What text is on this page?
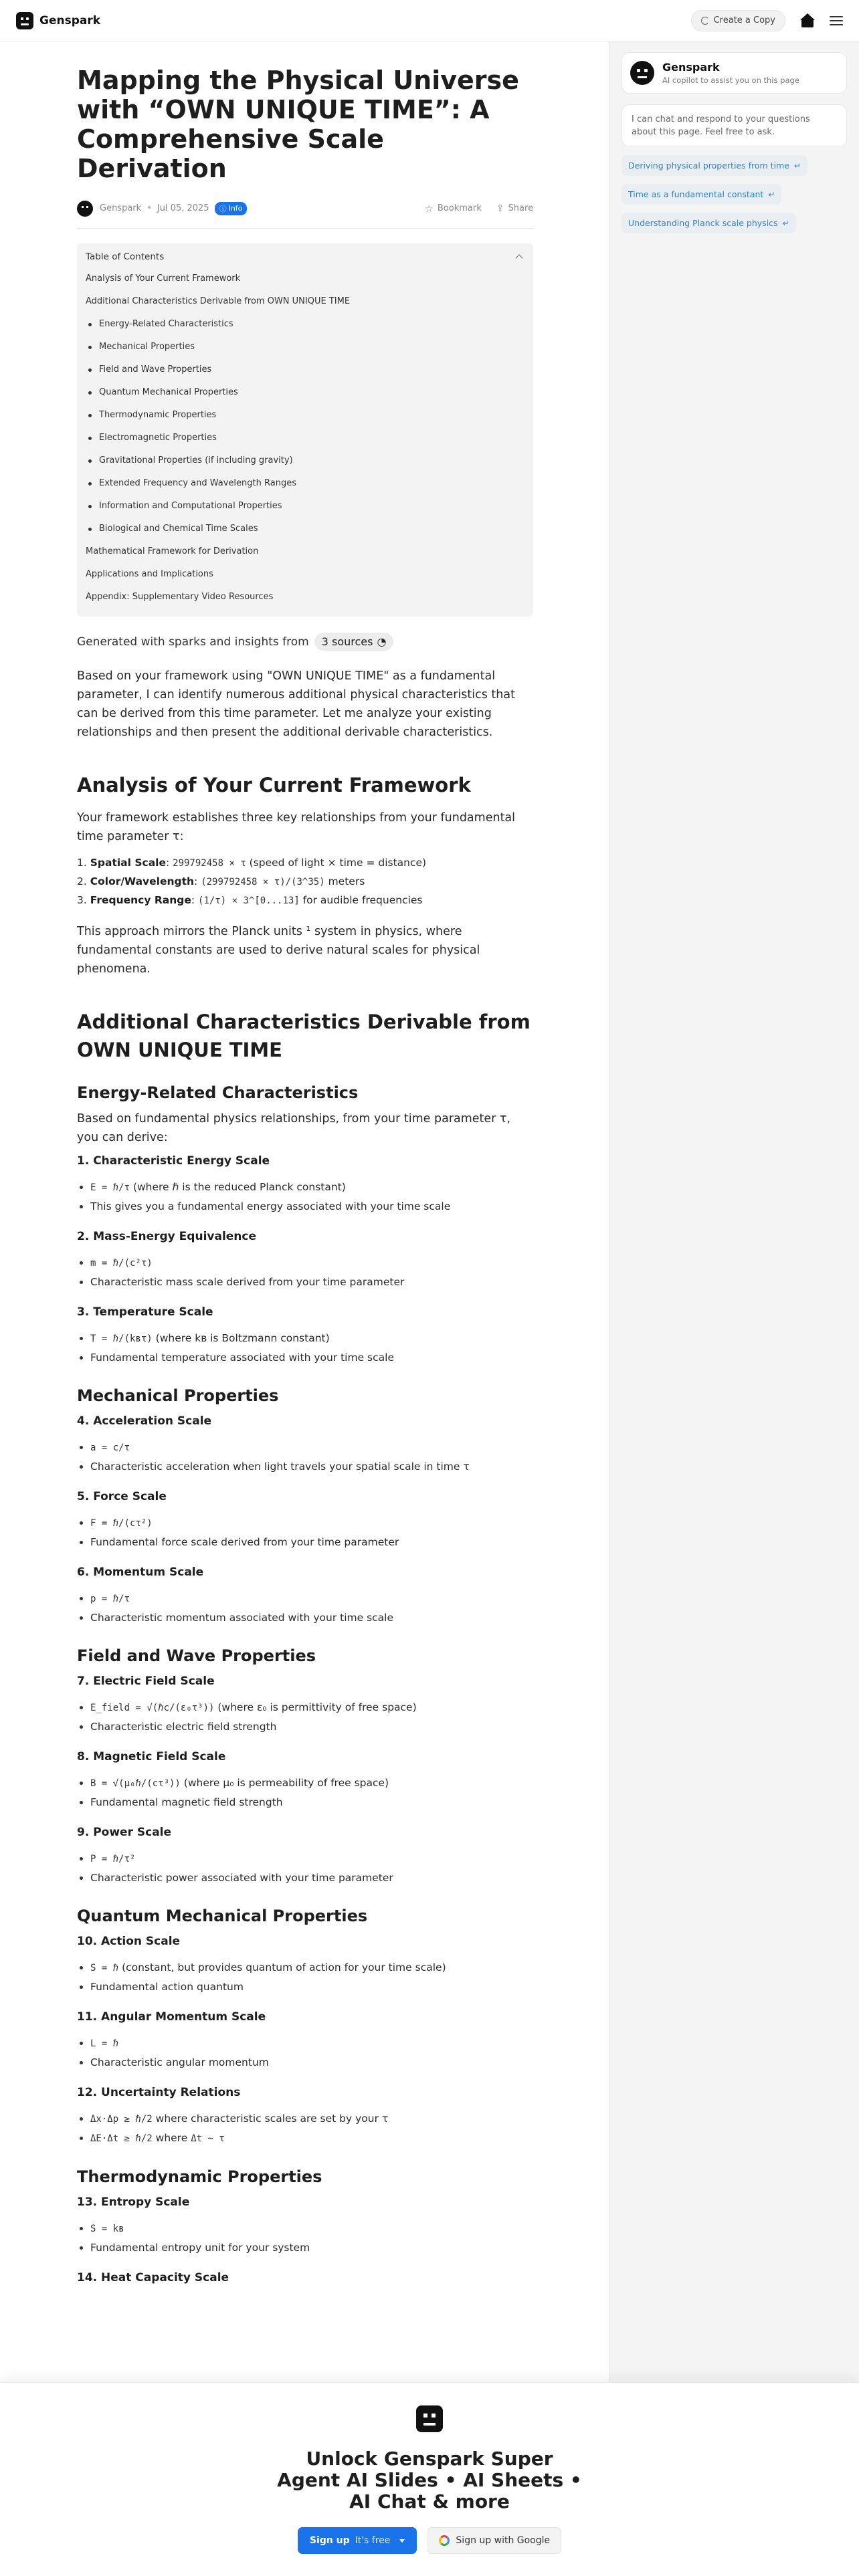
Genspark	Create a Copy
Mapping the Physical Universe with “OWN UNIQUE TIME”: A Comprehensive Scale Derivation
Genspark • Jul 05, 2025 ⓘ Info	☆ Bookmark ⇪ Share
Table of Contents
Analysis of Your Current Framework
Additional Characteristics Derivable from OWN UNIQUE TIME
Energy-Related Characteristics
Mechanical Properties
Field and Wave Properties
Quantum Mechanical Properties
Thermodynamic Properties
Electromagnetic Properties
Gravitational Properties (if including gravity)
Extended Frequency and Wavelength Ranges
Information and Computational Properties
Biological and Chemical Time Scales
Mathematical Framework for Derivation
Applications and Implications
Appendix: Supplementary Video Resources
Generated with sparks and insights from 3 sources ◔

Based on your framework using "OWN UNIQUE TIME" as a fundamental parameter, I can identify numerous additional physical characteristics that can be derived from this time parameter. Let me analyze your existing relationships and then present the additional derivable characteristics.

Analysis of Your Current Framework

Your framework establishes three key relationships from your fundamental time parameter τ:

1. Spatial Scale: 299792458 × τ (speed of light × time = distance)
2. Color/Wavelength: (299792458 × τ)/(3^35) meters
3. Frequency Range: (1/τ) × 3^[0...13] for audible frequencies

This approach mirrors the Planck units ¹ system in physics, where fundamental constants are used to derive natural scales for physical phenomena.

Additional Characteristics Derivable from OWN UNIQUE TIME
Energy-Related Characteristics

Based on fundamental physics relationships, from your time parameter τ, you can derive:

1. Characteristic Energy Scale
E = ℏ/τ (where ℏ is the reduced Planck constant)
This gives you a fundamental energy associated with your time scale
2. Mass-Energy Equivalence
m = ℏ/(c²τ)
Characteristic mass scale derived from your time parameter
3. Temperature Scale
T = ℏ/(kʙτ) (where kʙ is Boltzmann constant)
Fundamental temperature associated with your time scale
Mechanical Properties
4. Acceleration Scale
a = c/τ
Characteristic acceleration when light travels your spatial scale in time τ
5. Force Scale
F = ℏ/(cτ²)
Fundamental force scale derived from your time parameter
6. Momentum Scale
p = ℏ/τ
Characteristic momentum associated with your time scale
Field and Wave Properties
7. Electric Field Scale
E_field = √(ℏc/(ε₀τ³)) (where ε₀ is permittivity of free space)
Characteristic electric field strength
8. Magnetic Field Scale
B = √(μ₀ℏ/(cτ³)) (where μ₀ is permeability of free space)
Fundamental magnetic field strength
9. Power Scale
P = ℏ/τ²
Characteristic power associated with your time parameter
Quantum Mechanical Properties
10. Action Scale
S = ℏ (constant, but provides quantum of action for your time scale)
Fundamental action quantum
11. Angular Momentum Scale
L = ℏ
Characteristic angular momentum
12. Uncertainty Relations
Δx·Δp ≥ ℏ/2 where characteristic scales are set by your τ
ΔE·Δt ≥ ℏ/2 where Δt ~ τ
Thermodynamic Properties
13. Entropy Scale
S = kʙ
Fundamental entropy unit for your system
14. Heat Capacity Scale
Genspark
AI copilot to assist you on this page
I can chat and respond to your questions about this page. Feel free to ask.
Deriving physical properties from time ↵
Time as a fundamental constant ↵
Understanding Planck scale physics ↵
Unlock Genspark Super Agent AI Slides • AI Sheets • AI Chat & more
Sign up It's free	Sign up with Google
